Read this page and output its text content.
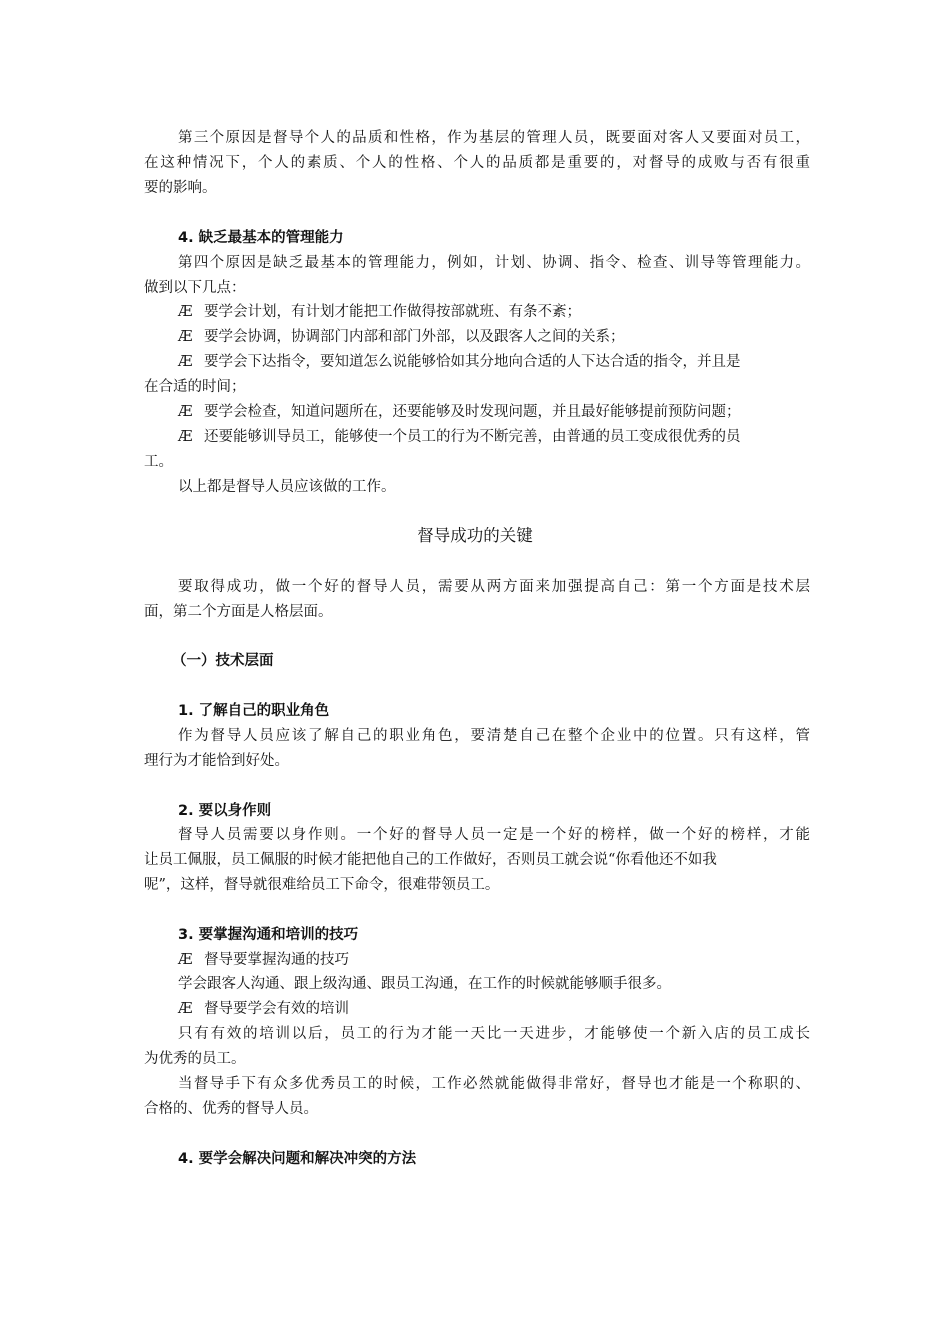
第三个原因是督导个人的品质和性格，作为基层的管理人员，既要面对客人又要面对员工，
在这种情况下，个人的素质、个人的性格、个人的品质都是重要的，对督导的成败与否有很重
要的影响。
4. 缺乏最基本的管理能力
第四个原因是缺乏最基本的管理能力，例如，计划、协调、指令、检查、训导等管理能力。
做到以下几点：
Æ 要学会计划，有计划才能把工作做得按部就班、有条不紊；
Æ 要学会协调，协调部门内部和部门外部，以及跟客人之间的关系；
Æ 要学会下达指令，要知道怎么说能够恰如其分地向合适的人下达合适的指令，并且是
在合适的时间；
Æ 要学会检查，知道问题所在，还要能够及时发现问题，并且最好能够提前预防问题；
Æ 还要能够训导员工，能够使一个员工的行为不断完善，由普通的员工变成很优秀的员
工。
以上都是督导人员应该做的工作。
督导成功的关键
要取得成功，做一个好的督导人员，需要从两方面来加强提高自己：第一个方面是技术层
面，第二个方面是人格层面。
（一）技术层面
1. 了解自己的职业角色
作为督导人员应该了解自己的职业角色，要清楚自己在整个企业中的位置。只有这样，管
理行为才能恰到好处。
2. 要以身作则
督导人员需要以身作则。一个好的督导人员一定是一个好的榜样，做一个好的榜样，才能
让员工佩服，员工佩服的时候才能把他自己的工作做好，否则员工就会说“你看他还不如我
呢”，这样，督导就很难给员工下命令，很难带领员工。
3. 要掌握沟通和培训的技巧
Æ 督导要掌握沟通的技巧
学会跟客人沟通、跟上级沟通、跟员工沟通，在工作的时候就能够顺手很多。
Æ 督导要学会有效的培训
只有有效的培训以后，员工的行为才能一天比一天进步，才能够使一个新入店的员工成长
为优秀的员工。
当督导手下有众多优秀员工的时候，工作必然就能做得非常好，督导也才能是一个称职的、
合格的、优秀的督导人员。
4. 要学会解决问题和解决冲突的方法
